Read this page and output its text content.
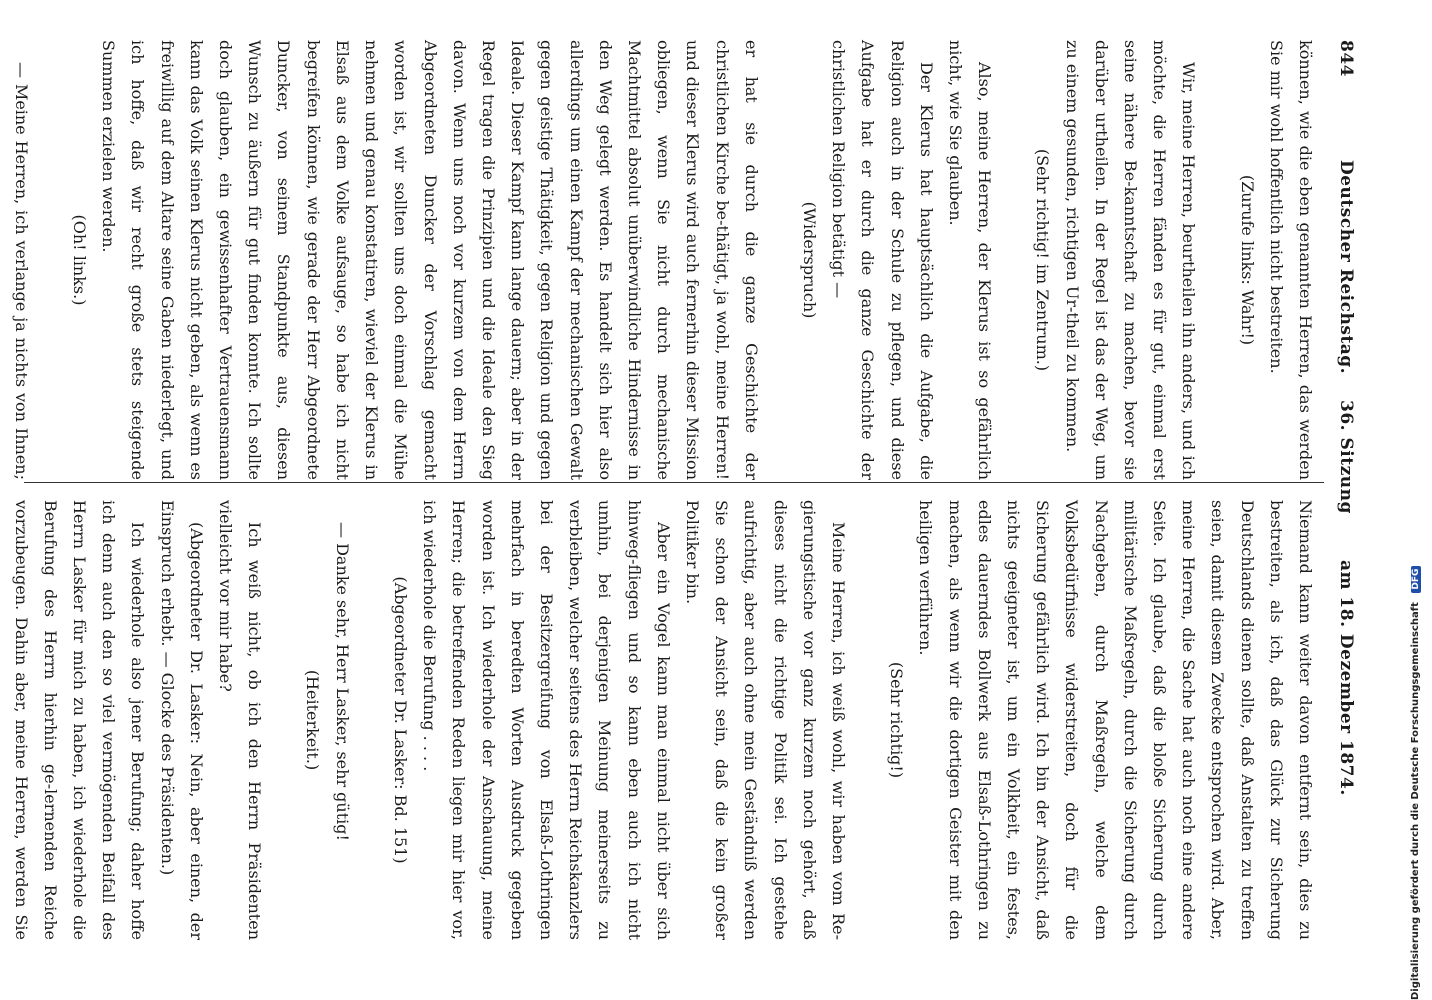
844
Deutscher Reichstag.
36. Sitzung
am 18. Dezember 1874.

können, wie die eben genannten Herren, das werden Sie mir wohl hoffentlich nicht bestreiten.

(Zurufe links: Wahr!)

Wir, meine Herren, beurtheilen ihn anders, und ich möchte, die Herren fänden es für gut, einmal erst seine nähere Be-kanntschaft zu machen, bevor sie darüber urtheilen. In der Regel ist das der Weg, um zu einem gesunden, richtigen Ur-theil zu kommen.

(Sehr richtig! im Zentrum.)

Also, meine Herren, der Klerus ist so gefährlich nicht, wie Sie glauben.

Der Klerus hat hauptsächlich die Aufgabe, die Religion auch in der Schule zu pflegen, und diese Aufgabe hat er durch die ganze Geschichte der christlichen Religion betätigt —

(Widerspruch)

er hat sie durch die ganze Geschichte der christlichen Kirche be-thätigt, ja wohl, meine Herren! und dieser Klerus wird auch fernerhin dieser Mission obliegen, wenn Sie nicht durch mechanische Machtmittel absolut unüberwindliche Hindernisse in den Weg gelegt werden. Es handelt sich hier also allerdings um einen Kampf der mechanischen Gewalt gegen geistige Thätigkeit, gegen Religion und gegen Ideale. Dieser Kampf kann lange dauern; aber in der Regel tragen die Prinzipien und die Ideale den Sieg davon. Wenn uns noch vor kurzem von dem Herrn Abgeordneten Duncker der Vorschlag gemacht worden ist, wir sollten uns doch einmal die Mühe nehmen und genau konstatiren, wieviel der Klerus in Elsaß aus dem Volke aufsauge, so habe ich nicht begreifen können, wie gerade der Herr Abgeordnete Duncker, von seinem Standpunkte aus, diesen Wunsch zu äußern für gut finden konnte. Ich sollte doch glauben, ein gewissenhafter Vertrauensmann kann das Volk seinen Klerus nicht geben, als wenn es freiwillig auf dem Altare seine Gaben niederlegt, und ich hoffe, daß wir recht große stets steigende Summen erzielen werden.

(Oh! links.)

— Meine Herren, ich verlange ja nichts von Ihnen;

Niemand kann weiter davon entfernt sein, dies zu bestreiten, als ich, daß das Glück zur Sicherung Deutschlands dienen sollte, daß Anstalten zu treffen seien, damit diesem Zwecke entsprochen wird. Aber, meine Herren, die Sache hat auch noch eine andere Seite. Ich glaube, daß die bloße Sicherung durch militärische Maßregeln, durch die Sicherung durch Nachgeben, durch Maßregeln, welche dem Volksbedürfnisse widerstreiten, doch für die Sicherung gefährlich wird. Ich bin der Ansicht, daß nichts geeigneter ist, um ein Volkheit, ein festes, edles dauerndes Bollwerk aus Elsaß-Lothringen zu machen, als wenn wir die dortigen Geister mit den heiligen verführen.

(Sehr richtig!)

Meine Herren, ich weiß wohl, wir haben vom Re-gierungstische vor ganz kurzem noch gehört, daß dieses nicht die richtige Politik sei. Ich gestehe aufrichtig, aber auch ohne mein Geständniß werden Sie schon der Ansicht sein, daß die kein großer Politiker bin.

Aber ein Vogel kann man einmal nicht über sich hinweg-fliegen und so kann eben auch ich nicht umhin, bei derjenigen Meinung meinerseits zu verbleiben, welcher seitens des Herrn Reichskanzlers bei der Besitzergreifung von Elsaß-Lothringen mehrfach in beredten Worten Ausdruck gegeben worden ist. Ich wiederhole der Anschauung, meine Herren; die betreffenden Reden liegen mir hier vor, ich wiederhole die Berufung . . . .

(Abgeordneter Dr. Lasker: Bd. 151)

— Danke sehr, Herr Lasker, sehr gütig!

(Heiterkeit.)

Ich weiß nicht, ob ich den Herrn Präsidenten vielleicht vor mir habe?

(Abgeordneter Dr. Lasker: Nein, aber einen, der Einspruch erhebt. — Glocke des Präsidenten.)

Ich wiederhole also jener Berufung; daher hoffe ich denn auch den so viel vermögenden Beifall des Herrn Lasker für mich zu haben, ich wiederhole die Berufung des Herrn hierhin ge-lernenden Reiche vorzubeugen. Dahin aber, meine Herren, werden Sie	Digitalisierung gefördert durch die Deutsche Forschungsgemeinschaft DFG
